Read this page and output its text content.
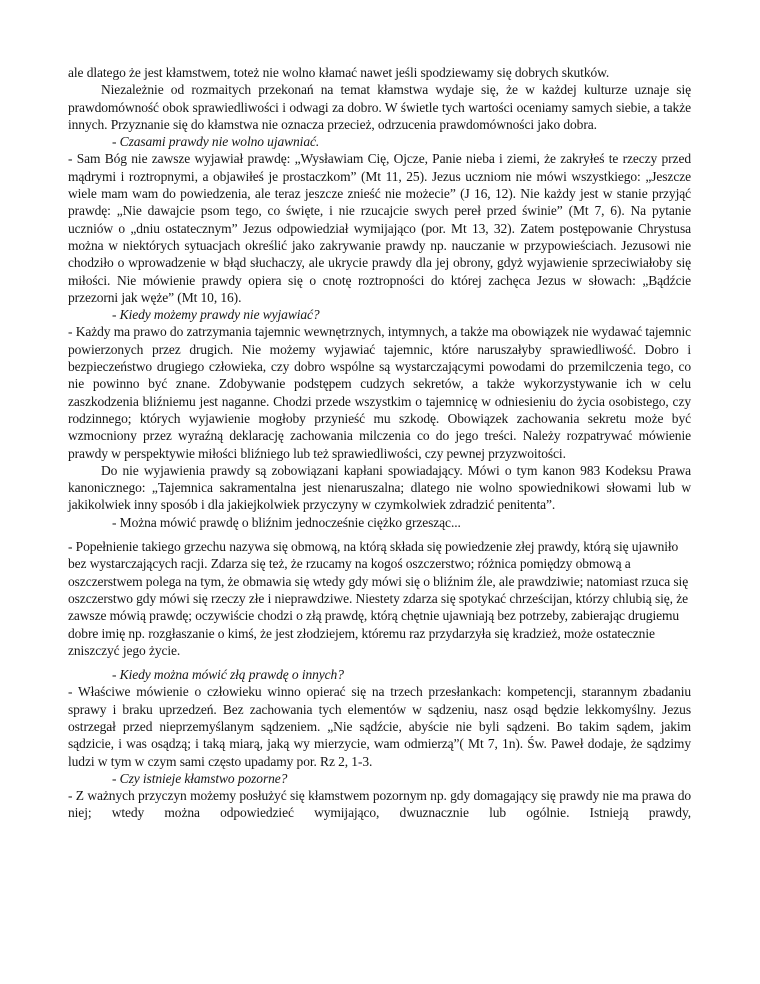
ale dlatego że jest kłamstwem, toteż nie wolno kłamać nawet jeśli spodziewamy się dobrych skutków.

Niezależnie od rozmaitych przekonań na temat kłamstwa wydaje się, że w każdej kulturze uznaje się prawdomówność obok sprawiedliwości i odwagi za dobro. W świetle tych wartości oceniamy samych siebie, a także innych. Przyznanie się do kłamstwa nie oznacza przecież, odrzucenia prawdomówności jako dobra.

- Czasami prawdy nie wolno ujawniać.

- Sam Bóg nie zawsze wyjawiał prawdę: „Wysławiam Cię, Ojcze, Panie nieba i ziemi, że zakryłeś te rzeczy przed mądrymi i roztropnymi, a objawiłeś je prostaczkom” (Mt 11, 25). Jezus uczniom nie mówi wszystkiego: „Jeszcze wiele mam wam do powiedzenia, ale teraz jeszcze znieść nie możecie” (J 16, 12). Nie każdy jest w stanie przyjąć prawdę: „Nie dawajcie psom tego, co święte, i nie rzucajcie swych pereł przed świnie” (Mt 7, 6). Na pytanie uczniów o „dniu ostatecznym” Jezus odpowiedział wymijająco (por. Mt 13, 32). Zatem postępowanie Chrystusa można w niektórych sytuacjach określić jako zakrywanie prawdy np. nauczanie w przypowieściach. Jezusowi nie chodziło o wprowadzenie w błąd słuchaczy, ale ukrycie prawdy dla jej obrony, gdyż wyjawienie sprzeciwiałoby się miłości. Nie mówienie prawdy opiera się o cnotę roztropności do której zachęca Jezus w słowach: „Bądźcie przezorni jak węże” (Mt 10, 16).

- Kiedy możemy prawdy nie wyjawiać?

- Każdy ma prawo do zatrzymania tajemnic wewnętrznych, intymnych, a także ma obowiązek nie wydawać tajemnic powierzonych przez drugich. Nie możemy wyjawiać tajemnic, które naruszałyby sprawiedliwość. Dobro i bezpieczeństwo drugiego człowieka, czy dobro wspólne są wystarczającymi powodami do przemilczenia tego, co nie powinno być znane. Zdobywanie podstępem cudzych sekretów, a także wykorzystywanie ich w celu zaszkodzenia bliźniemu jest naganne. Chodzi przede wszystkim o tajemnicę w odniesieniu do życia osobistego, czy rodzinnego; których wyjawienie mogłoby przynieść mu szkodę. Obowiązek zachowania sekretu może być wzmocniony przez wyraźną deklarację zachowania milczenia co do jego treści. Należy rozpatrywać mówienie prawdy w perspektywie miłości bliźniego lub też sprawiedliwości, czy pewnej przyzwoitości.

Do nie wyjawienia prawdy są zobowiązani kapłani spowiadający. Mówi o tym kanon 983 Kodeksu Prawa kanonicznego: „Tajemnica sakramentalna jest nienaruszalna; dlatego nie wolno spowiednikowi słowami lub w jakikolwiek inny sposób i dla jakiejkolwiek przyczyny w czymkolwiek zdradzić penitenta”.

- Można mówić prawdę o bliźnim jednocześnie ciężko grzesząc...

- Popełnienie takiego grzechu nazywa się obmową, na którą składa się powiedzenie złej prawdy, którą się ujawniło bez wystarczających racji. Zdarza się też, że rzucamy na kogoś oszczerstwo; różnica pomiędzy obmową a oszczerstwem polega na tym, że obmawia się wtedy gdy mówi się o bliźnim źle, ale prawdziwie; natomiast rzuca się oszczerstwo gdy mówi się rzeczy złe i nieprawdziwe. Niestety zdarza się spotykać chrześcijan, którzy chlubią się, że zawsze mówią prawdę; oczywiście chodzi o złą prawdę, którą chętnie ujawniają bez potrzeby, zabierając drugiemu dobre imię np. rozgłaszanie o kimś, że jest złodziejem, któremu raz przydarzyła się kradzież, może ostatecznie zniszczyć jego życie.

- Kiedy można mówić złą prawdę o innych?

- Właściwe mówienie o człowieku winno opierać się na trzech przesłankach: kompetencji, starannym zbadaniu sprawy i braku uprzedzeń. Bez zachowania tych elementów w sądzeniu, nasz osąd będzie lekkomyślny. Jezus ostrzegał przed nieprzemyślanym sądzeniem. „Nie sądźcie, abyście nie byli sądzeni. Bo takim sądem, jakim sądzicie, i was osądzą; i taką miarą, jaką wy mierzycie, wam odmierzą”( Mt 7, 1n). Św. Paweł dodaje, że sądzimy ludzi w tym w czym sami często upadamy por. Rz 2, 1-3.

- Czy istnieje kłamstwo pozorne?

- Z ważnych przyczyn możemy posłużyć się kłamstwem pozornym np. gdy domagający się prawdy nie ma prawa do niej; wtedy można odpowiedzieć wymijająco, dwuznacznie lub ogólnie. Istnieją prawdy,
